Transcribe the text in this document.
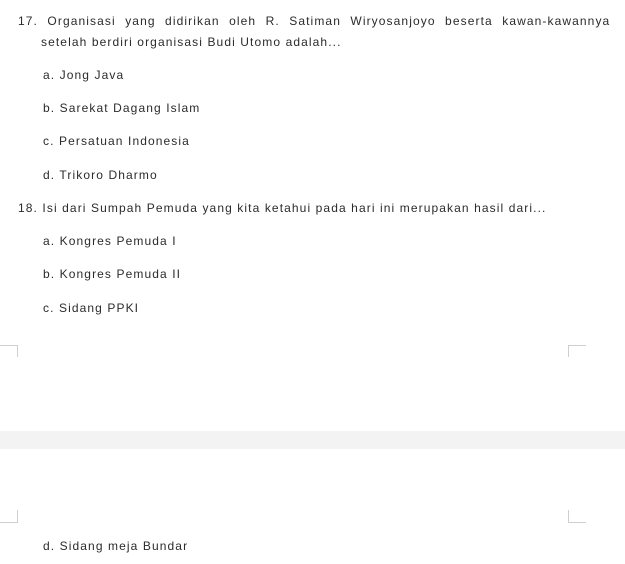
17. Organisasi yang didirikan oleh R. Satiman Wiryosanjoyo beserta kawan-kawannya
setelah berdiri organisasi Budi Utomo adalah...
a. Jong Java
b. Sarekat Dagang Islam
c. Persatuan Indonesia
d. Trikoro Dharmo
18. Isi dari Sumpah Pemuda yang kita ketahui pada hari ini merupakan hasil dari...
a. Kongres Pemuda I
b. Kongres Pemuda II
c. Sidang PPKI
d. Sidang meja Bundar
